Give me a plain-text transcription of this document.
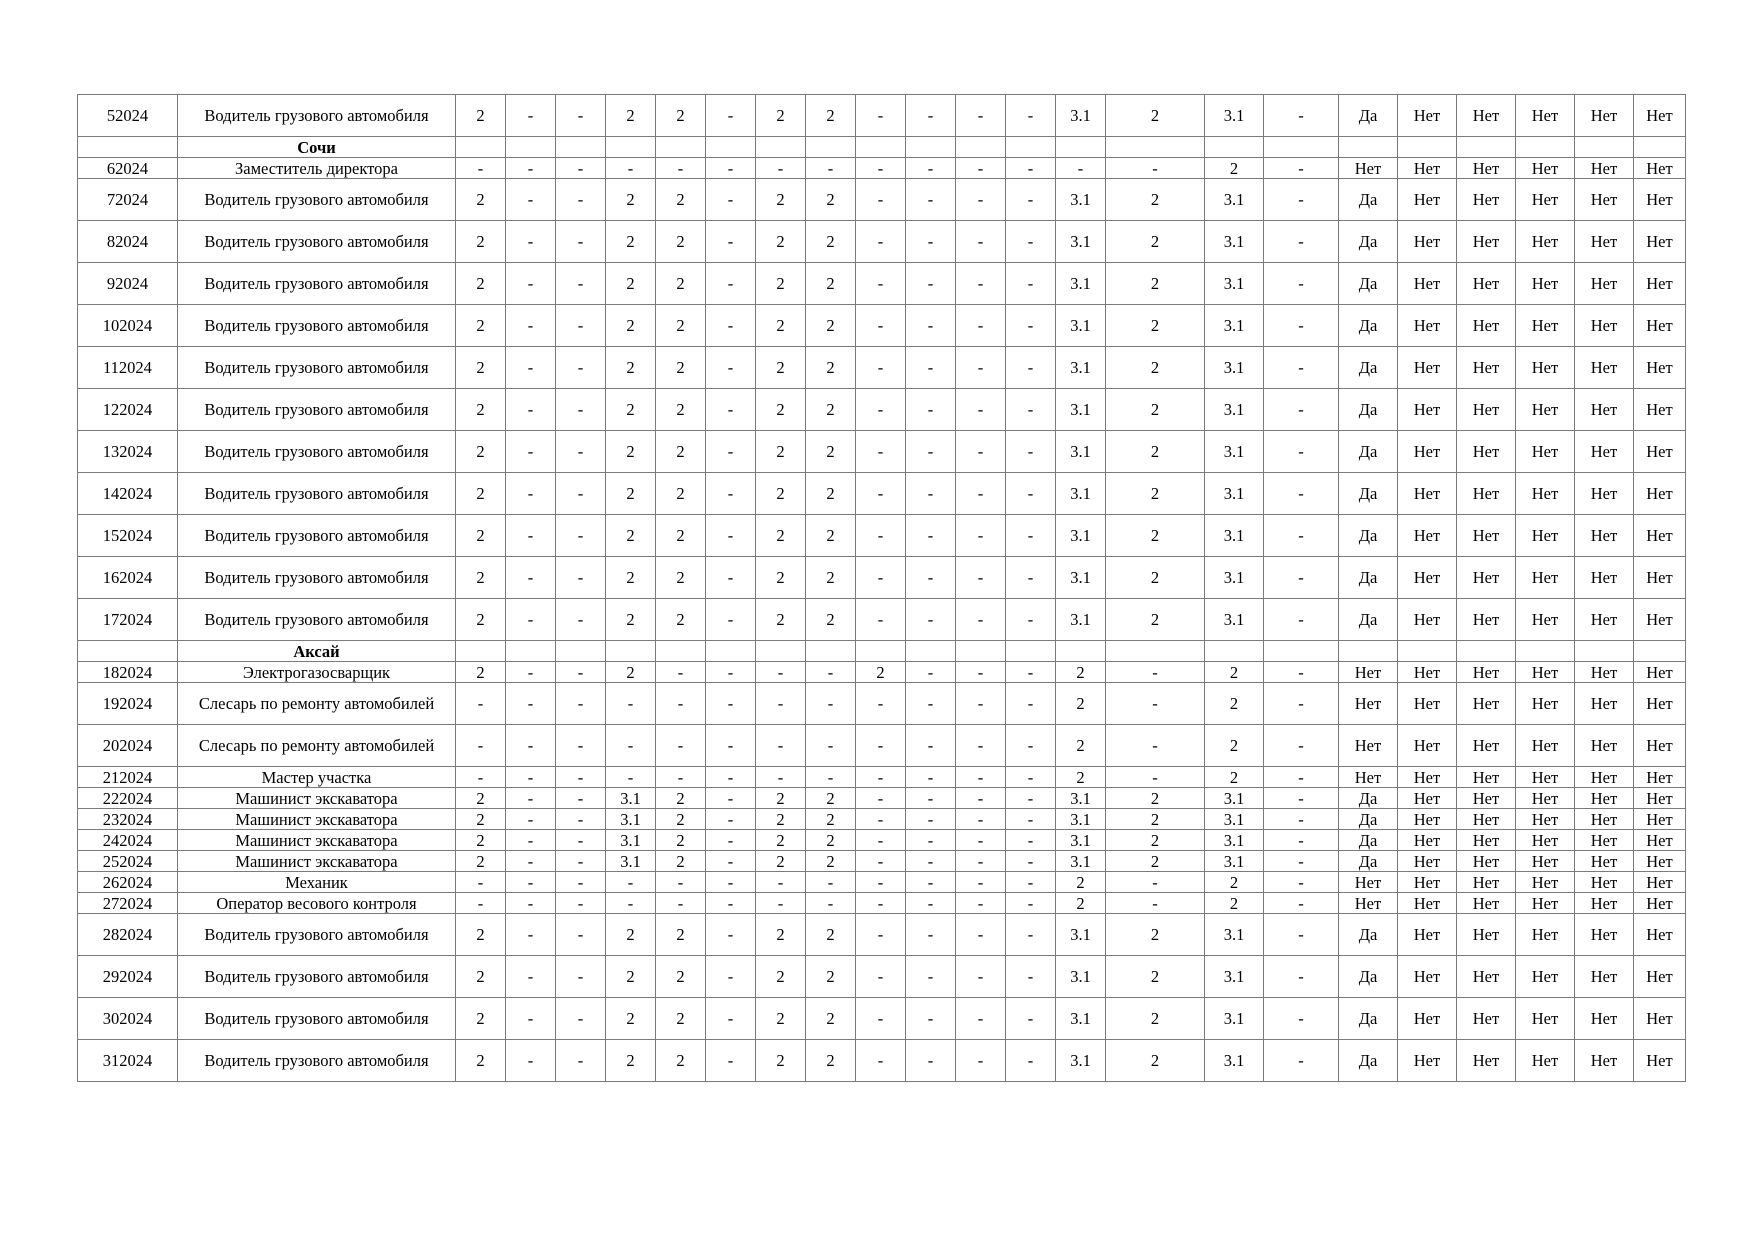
52024	Водитель грузового автомобиля	2	-	-	2	2	-	2	2	-	-	-	-	3.1	2	3.1	-	Да	Нет	Нет	Нет	Нет	Нет
	Сочи																						
62024	Заместитель директора	-	-	-	-	-	-	-	-	-	-	-	-	-	-	2	-	Нет	Нет	Нет	Нет	Нет	Нет
72024	Водитель грузового автомобиля	2	-	-	2	2	-	2	2	-	-	-	-	3.1	2	3.1	-	Да	Нет	Нет	Нет	Нет	Нет
82024	Водитель грузового автомобиля	2	-	-	2	2	-	2	2	-	-	-	-	3.1	2	3.1	-	Да	Нет	Нет	Нет	Нет	Нет
92024	Водитель грузового автомобиля	2	-	-	2	2	-	2	2	-	-	-	-	3.1	2	3.1	-	Да	Нет	Нет	Нет	Нет	Нет
102024	Водитель грузового автомобиля	2	-	-	2	2	-	2	2	-	-	-	-	3.1	2	3.1	-	Да	Нет	Нет	Нет	Нет	Нет
112024	Водитель грузового автомобиля	2	-	-	2	2	-	2	2	-	-	-	-	3.1	2	3.1	-	Да	Нет	Нет	Нет	Нет	Нет
122024	Водитель грузового автомобиля	2	-	-	2	2	-	2	2	-	-	-	-	3.1	2	3.1	-	Да	Нет	Нет	Нет	Нет	Нет
132024	Водитель грузового автомобиля	2	-	-	2	2	-	2	2	-	-	-	-	3.1	2	3.1	-	Да	Нет	Нет	Нет	Нет	Нет
142024	Водитель грузового автомобиля	2	-	-	2	2	-	2	2	-	-	-	-	3.1	2	3.1	-	Да	Нет	Нет	Нет	Нет	Нет
152024	Водитель грузового автомобиля	2	-	-	2	2	-	2	2	-	-	-	-	3.1	2	3.1	-	Да	Нет	Нет	Нет	Нет	Нет
162024	Водитель грузового автомобиля	2	-	-	2	2	-	2	2	-	-	-	-	3.1	2	3.1	-	Да	Нет	Нет	Нет	Нет	Нет
172024	Водитель грузового автомобиля	2	-	-	2	2	-	2	2	-	-	-	-	3.1	2	3.1	-	Да	Нет	Нет	Нет	Нет	Нет
	Аксай																						
182024	Электрогазосварщик	2	-	-	2	-	-	-	-	2	-	-	-	2	-	2	-	Нет	Нет	Нет	Нет	Нет	Нет
192024	Слесарь по ремонту автомобилей	-	-	-	-	-	-	-	-	-	-	-	-	2	-	2	-	Нет	Нет	Нет	Нет	Нет	Нет
202024	Слесарь по ремонту автомобилей	-	-	-	-	-	-	-	-	-	-	-	-	2	-	2	-	Нет	Нет	Нет	Нет	Нет	Нет
212024	Мастер участка	-	-	-	-	-	-	-	-	-	-	-	-	2	-	2	-	Нет	Нет	Нет	Нет	Нет	Нет
222024	Машинист экскаватора	2	-	-	3.1	2	-	2	2	-	-	-	-	3.1	2	3.1	-	Да	Нет	Нет	Нет	Нет	Нет
232024	Машинист экскаватора	2	-	-	3.1	2	-	2	2	-	-	-	-	3.1	2	3.1	-	Да	Нет	Нет	Нет	Нет	Нет
242024	Машинист экскаватора	2	-	-	3.1	2	-	2	2	-	-	-	-	3.1	2	3.1	-	Да	Нет	Нет	Нет	Нет	Нет
252024	Машинист экскаватора	2	-	-	3.1	2	-	2	2	-	-	-	-	3.1	2	3.1	-	Да	Нет	Нет	Нет	Нет	Нет
262024	Механик	-	-	-	-	-	-	-	-	-	-	-	-	2	-	2	-	Нет	Нет	Нет	Нет	Нет	Нет
272024	Оператор весового контроля	-	-	-	-	-	-	-	-	-	-	-	-	2	-	2	-	Нет	Нет	Нет	Нет	Нет	Нет
282024	Водитель грузового автомобиля	2	-	-	2	2	-	2	2	-	-	-	-	3.1	2	3.1	-	Да	Нет	Нет	Нет	Нет	Нет
292024	Водитель грузового автомобиля	2	-	-	2	2	-	2	2	-	-	-	-	3.1	2	3.1	-	Да	Нет	Нет	Нет	Нет	Нет
302024	Водитель грузового автомобиля	2	-	-	2	2	-	2	2	-	-	-	-	3.1	2	3.1	-	Да	Нет	Нет	Нет	Нет	Нет
312024	Водитель грузового автомобиля	2	-	-	2	2	-	2	2	-	-	-	-	3.1	2	3.1	-	Да	Нет	Нет	Нет	Нет	Нет
